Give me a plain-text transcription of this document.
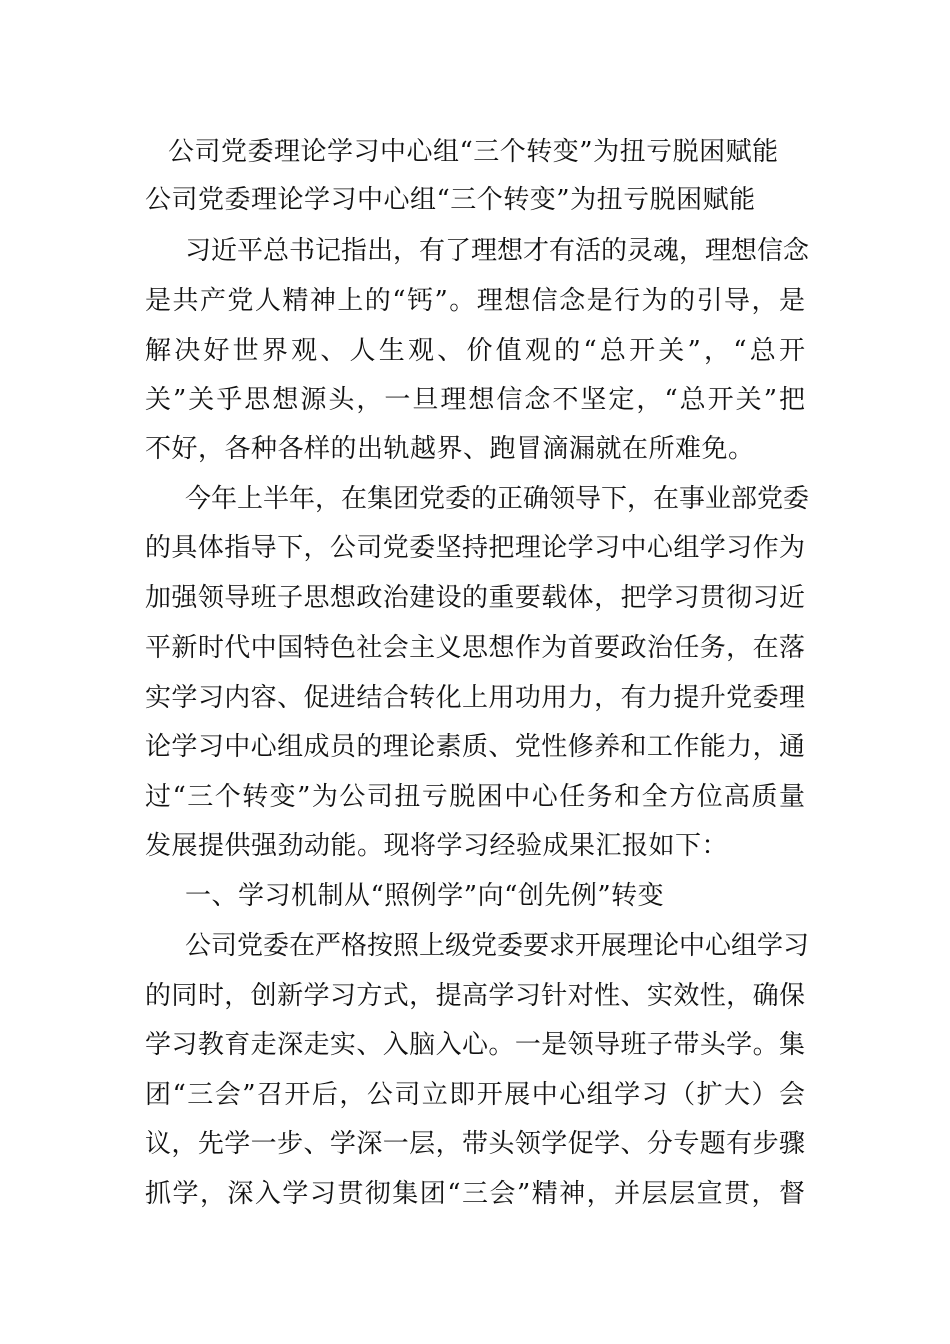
公司党委理论学习中心组“三个转变”为扭亏脱困赋能
公司党委理论学习中心组“三个转变”为扭亏脱困赋能
习近平总书记指出，有了理想才有活的灵魂，理想信念
是共产党人精神上的“钙”。理想信念是行为的引导，是
解决好世界观、人生观、价值观的“总开关”，“总开
关”关乎思想源头，一旦理想信念不坚定，“总开关”把
不好，各种各样的出轨越界、跑冒滴漏就在所难免。
今年上半年，在集团党委的正确领导下，在事业部党委
的具体指导下，公司党委坚持把理论学习中心组学习作为
加强领导班子思想政治建设的重要载体，把学习贯彻习近
平新时代中国特色社会主义思想作为首要政治任务，在落
实学习内容、促进结合转化上用功用力，有力提升党委理
论学习中心组成员的理论素质、党性修养和工作能力，通
过“三个转变”为公司扭亏脱困中心任务和全方位高质量
发展提供强劲动能。现将学习经验成果汇报如下：
一、学习机制从“照例学”向“创先例”转变
公司党委在严格按照上级党委要求开展理论中心组学习
的同时，创新学习方式，提高学习针对性、实效性，确保
学习教育走深走实、入脑入心。一是领导班子带头学。集
团“三会”召开后，公司立即开展中心组学习（扩大）会
议，先学一步、学深一层，带头领学促学、分专题有步骤
抓学，深入学习贯彻集团“三会”精神，并层层宣贯，督
